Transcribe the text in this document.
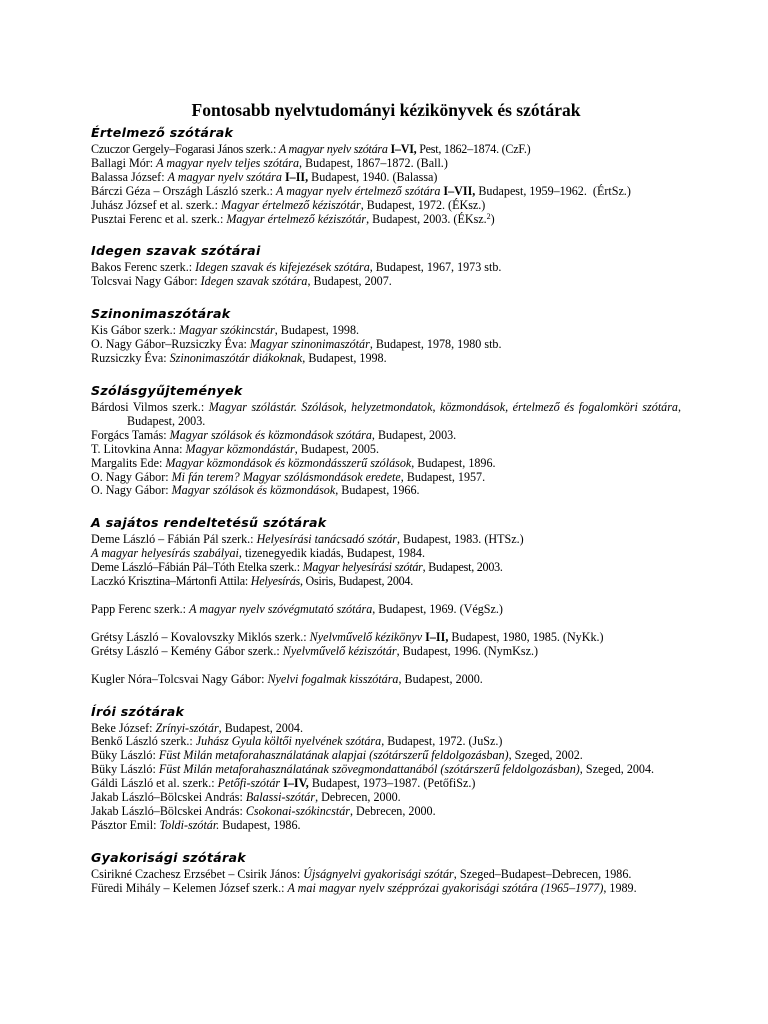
Fontosabb nyelvtudományi kézikönyvek és szótárak
Értelmező szótárak
Czuczor Gergely–Fogarasi János szerk.: A magyar nyelv szótára I–VI, Pest, 1862–1874. (CzF.)
Ballagi Mór: A magyar nyelv teljes szótára, Budapest, 1867–1872. (Ball.)
Balassa József: A magyar nyelv szótára I–II, Budapest, 1940. (Balassa)
Bárczi Géza – Országh László szerk.: A magyar nyelv értelmező szótára I–VII, Budapest, 1959–1962.  (ÉrtSz.)
Juhász József et al. szerk.: Magyar értelmező kéziszótár, Budapest, 1972. (ÉKsz.)
Pusztai Ferenc et al. szerk.: Magyar értelmező kéziszótár, Budapest, 2003. (ÉKsz.$^2$)
Idegen szavak szótárai
Bakos Ferenc szerk.: Idegen szavak és kifejezések szótára, Budapest, 1967, 1973 stb.
Tolcsvai Nagy Gábor: Idegen szavak szótára, Budapest, 2007.
Szinonimaszótárak
Kis Gábor szerk.: Magyar szókincstár, Budapest, 1998.
O. Nagy Gábor–Ruzsiczky Éva: Magyar szinonimaszótár, Budapest, 1978, 1980 stb.
Ruzsiczky Éva: Szinonimaszótár diákoknak, Budapest, 1998.
Szólásgyűjtemények
Bárdosi Vilmos szerk.: Magyar szólástár. Szólások, helyzetmondatok, közmondások, értelmező és fogalomköri szótára, Budapest, 2003.
Forgács Tamás: Magyar szólások és közmondások szótára, Budapest, 2003.
T. Litovkina Anna: Magyar közmondástár, Budapest, 2005.
Margalits Ede: Magyar közmondások és közmondásszerű szólások, Budapest, 1896.
O. Nagy Gábor: Mi fán terem? Magyar szólásmondások eredete, Budapest, 1957.
O. Nagy Gábor: Magyar szólások és közmondások, Budapest, 1966.
A sajátos rendeltetésű szótárak
Deme László – Fábián Pál szerk.: Helyesírási tanácsadó szótár, Budapest, 1983. (HTSz.)
A magyar helyesírás szabályai, tizenegyedik kiadás, Budapest, 1984.
Deme László–Fábián Pál–Tóth Etelka szerk.: Magyar helyesírási szótár, Budapest, 2003.
Laczkó Krisztina–Mártonfi Attila: Helyesírás, Osiris, Budapest, 2004.
Papp Ferenc szerk.: A magyar nyelv szóvégmutató szótára, Budapest, 1969. (VégSz.)
Grétsy László – Kovalovszky Miklós szerk.: Nyelvművelő kézikönyv I–II, Budapest, 1980, 1985. (NyKk.)
Grétsy László – Kemény Gábor szerk.: Nyelvművelő kéziszótár, Budapest, 1996. (NymKsz.)
Kugler Nóra–Tolcsvai Nagy Gábor: Nyelvi fogalmak kisszótára, Budapest, 2000.
Írói szótárak
Beke József: Zrínyi-szótár, Budapest, 2004.
Benkő László szerk.: Juhász Gyula költői nyelvének szótára, Budapest, 1972. (JuSz.)
Büky László: Füst Milán metaforahasználatának alapjai (szótárszerű feldolgozásban), Szeged, 2002.
Büky László: Füst Milán metaforahasználatának szövegmondattanából (szótárszerű feldolgozásban), Szeged, 2004.
Gáldi László et al. szerk.: Petőfi-szótár I–IV, Budapest, 1973–1987. (PetőfiSz.)
Jakab László–Bölcskei András: Balassi-szótár, Debrecen, 2000.
Jakab László–Bölcskei András: Csokonai-szókincstár, Debrecen, 2000.
Pásztor Emil: Toldi-szótár. Budapest, 1986.
Gyakorisági szótárak
Csirikné Czachesz Erzsébet – Csirik János: Újságnyelvi gyakorisági szótár, Szeged–Budapest–Debrecen, 1986.
Füredi Mihály – Kelemen József szerk.: A mai magyar nyelv szépprózai gyakorisági szótára (1965–1977), 1989.
